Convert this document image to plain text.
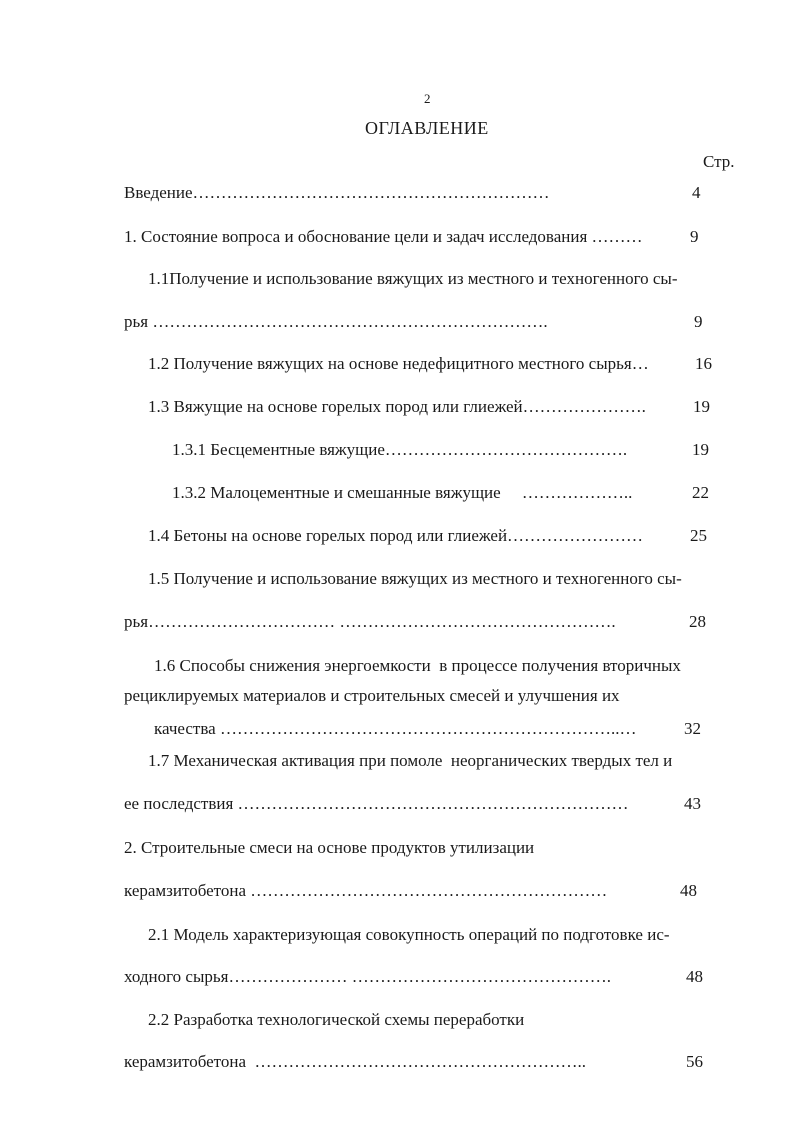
2
ОГЛАВЛЕНИЕ
Стр.
Введение………………………………………………………	4
1. Состояние вопроса и обоснование цели и задач исследования ………	9
1.1Получение и использование вяжущих из местного и техногенного сы-
рья …………………………………………………………….	9
1.2 Получение вяжущих на основе недефицитного местного сырья…	16
1.3 Вяжущие на основе горелых пород или глиежей………………….	19
1.3.1 Бесцементные вяжущие…………………………………….	19
1.3.2 Малоцементные и смешанные вяжущие     ………………..	22
1.4 Бетоны на основе горелых пород или глиежей……………………	25
1.5 Получение и использование вяжущих из местного и техногенного сы-
рья…………………………… ………………………………………….	28
1.6 Способы снижения энергоемкости  в процессе получения вторичных
рециклируемых материалов и строительных смесей и улучшения их
качества ……………………………………………………………..…	32
1.7 Механическая активация при помоле  неорганических твердых тел и
ее последствия ……………………………………………………………	43
2. Строительные смеси на основе продуктов утилизации
керамзитобетона ………………………………………………………	48
2.1 Модель характеризующая совокупность операций по подготовке ис-
ходного сырья………………… ……………………………………….	48
2.2 Разработка технологической схемы переработки
керамзитобетона  …………………………………………………..	56
